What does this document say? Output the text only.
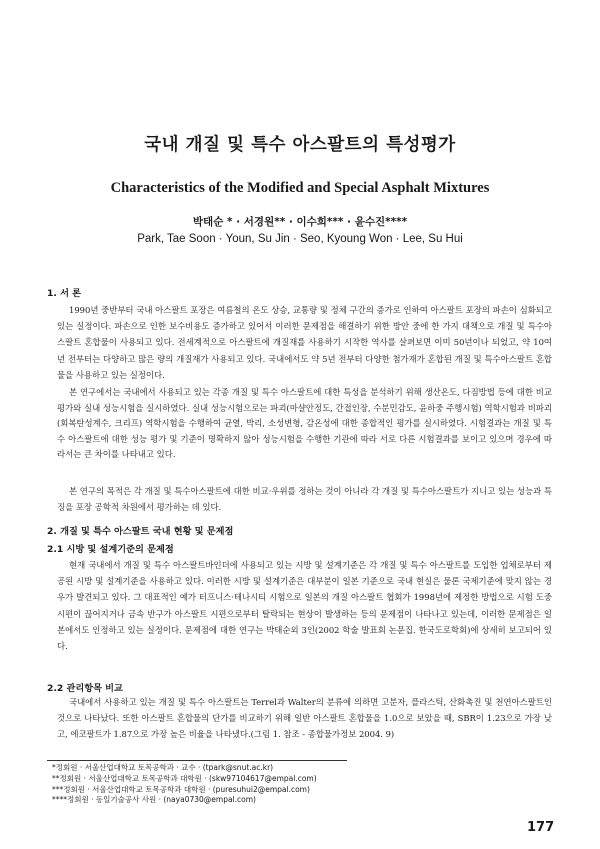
국내 개질 및 특수 아스팔트의 특성평가
Characteristics of the Modified and Special Asphalt Mixtures
박태순 * · 서경원** · 이수희*** · 윤수진****
Park, Tae Soon · Youn, Su Jin · Seo, Kyoung Won · Lee, Su Hui
1. 서 론

1990년 중반부터 국내 아스팔트 포장은 여름철의 온도 상승, 교통량 및 정체 구간의 증가로 인하여 아스팔트 포장의 파손이 심화되고 있는 실정이다. 파손으로 인한 보수비용도 증가하고 있어서 이러한 문제점을 해결하기 위한 방안 중에 한 가지 대책으로 개질 및 특수아스팔트 혼합물이 사용되고 있다. 전세계적으로 아스팔트에 개질재를 사용하기 시작한 역사를 살펴보면 이미 50년이나 되었고, 약 10여년 전부터는 다양하고 많은 량의 개질재가 사용되고 있다. 국내에서도 약 5년 전부터 다양한 첨가재가 혼합된 개질 및 특수아스팔트 혼합물을 사용하고 있는 실정이다.

본 연구에서는 국내에서 사용되고 있는 각종 개질 및 특수 아스팔트에 대한 특성을 분석하기 위해 생산온도, 다짐방법 등에 대한 비교평가와 실내 성능시험을 실시하였다. 실내 성능시험으로는 파괴(마샬안정도, 간접인장, 수분민감도, 윤하중 주행시험) 역학시험과 비파괴(회복탄성계수, 크리프) 역학시험을 수행하여 균열, 박리, 소성변형, 감온성에 대한 종합적인 평가를 실시하였다. 시험결과는 개질 및 특수 아스팔트에 대한 성능 평가 및 기준이 명확하지 않아 성능시험을 수행한 기관에 따라 서로 다른 시험결과를 보이고 있으며 경우에 따라서는 큰 차이를 나타내고 있다.

본 연구의 목적은 각 개질 및 특수아스팔트에 대한 비교·우위를 정하는 것이 아니라 각 개질 및 특수아스팔트가 지니고 있는 성능과 특징을 포장 공학적 차원에서 평가하는 데 있다.

2. 개질 및 특수 아스팔트 국내 현황 및 문제점
2.1 시방 및 설계기준의 문제점

현재 국내에서 개질 및 특수 아스팔트바인더에 사용되고 있는 시방 및 설계기준은 각 개질 및 특수 아스팔트를 도입한 업체로부터 제공된 시방 및 설계기준을 사용하고 있다. 이러한 시방 및 설계기준은 대부분이 일본 기준으로 국내 현실은 물론 국제기준에 맞지 않는 경우가 발견되고 있다. 그 대표적인 예가 터프니스·테나시티 시험으로 일본의 개질 아스팔트 협회가 1998년에 제정한 방법으로 시험 도중 시편이 끊어지거나 금속 반구가 아스팔트 시편으로부터 탈락되는 현상이 발생하는 등의 문제점이 나타나고 있는데, 이러한 문제점은 일본에서도 인정하고 있는 실정이다. 문제점에 대한 연구는 박태순외 3인(2002 학술 발표회 논문집. 한국도로학회)에 상세히 보고되어 있다.

2.2 관리항목 비교

국내에서 사용하고 있는 개질 및 특수 아스팔트는 Terrel과 Walter의 분류에 의하면 고분자, 플라스틱, 산화촉진 및 천연아스팔트인 것으로 나타났다. 또한 아스팔트 혼합물의 단가를 비교하기 위해 일반 아스팔트 혼합물을 1.0으로 보았을 때, SBR이 1.23으로 가장 낮고, 에코팔트가 1.87으로 가장 높은 비율을 나타냈다.(그림 1. 참조 - 종합물가정보 2004. 9)

*정회원 · 서울산업대학교 토목공학과 · 교수 · (tpark@snut.ac.kr)
**정회원 · 서울산업대학교 토목공학과 대학원 · (skw97104617@empal.com)
***정회원 · 서울산업대학교 토목공학과 대학원 · (puresuhui2@empal.com)
****정회원 · 동일기술공사 사원 · (naya0730@empal.com)
177
